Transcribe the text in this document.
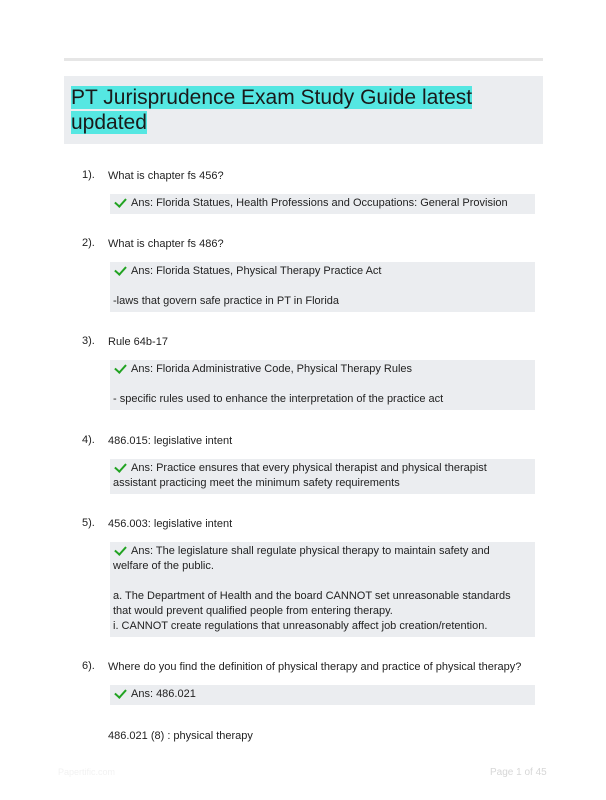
PT Jurisprudence Exam Study Guide latest updated
1). What is chapter fs 456?

Ans: Florida Statues, Health Professions and Occupations: General Provision

2). What is chapter fs 486?

Ans: Florida Statues, Physical Therapy Practice Act

-laws that govern safe practice in PT in Florida

3). Rule 64b-17

Ans: Florida Administrative Code, Physical Therapy Rules

- specific rules used to enhance the interpretation of the practice act

4). 486.015: legislative intent

Ans: Practice ensures that every physical therapist and physical therapist assistant practicing meet the minimum safety requirements

5). 456.003: legislative intent

Ans: The legislature shall regulate physical therapy to maintain safety and welfare of the public.

a. The Department of Health and the board CANNOT set unreasonable standards that would prevent qualified people from entering therapy.

i. CANNOT create regulations that unreasonably affect job creation/retention.

6). Where do you find the definition of physical therapy and practice of physical therapy?

Ans: 486.021

486.021 (8) : physical therapy
Papertific.com	Page 1 of 45
